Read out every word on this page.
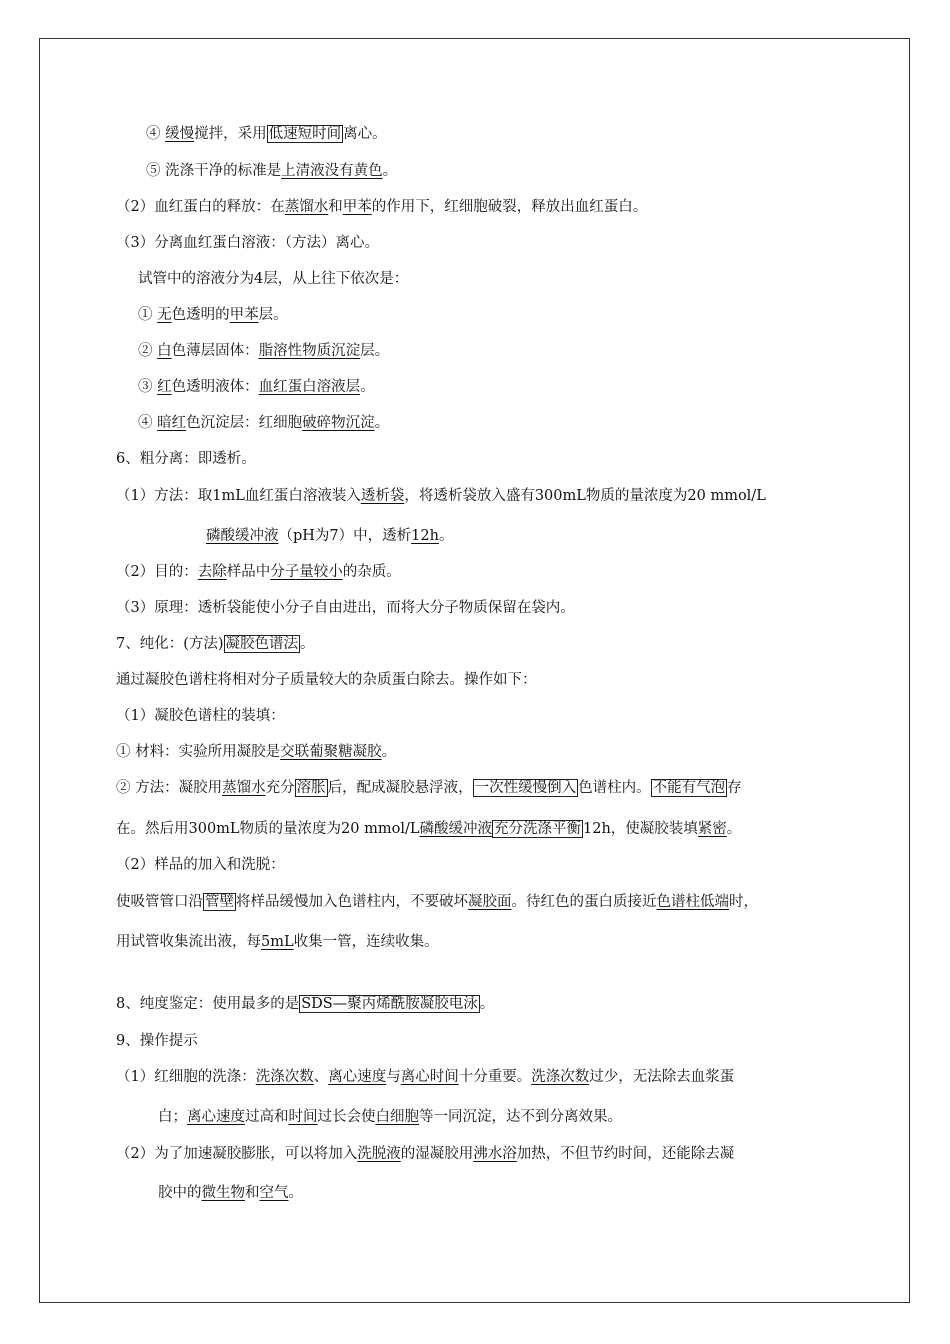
④ 缓慢搅拌，采用 低速短时间 离心。
⑤ 洗涤干净的标准是上清液没有黄色。
（2）血红蛋白的释放：在蒸馏水和甲苯的作用下，红细胞破裂，释放出血红蛋白。
（3）分离血红蛋白溶液：（方法）离心。
试管中的溶液分为4层，从上往下依次是：
① 无色透明的甲苯层。
② 白色薄层固体：脂溶性物质沉淀层。
③ 红色透明液体：血红蛋白溶液层。
④ 暗红色沉淀层：红细胞破碎物沉淀。
6、粗分离：即透析。
（1）方法：取1mL血红蛋白溶液装入透析袋，将透析袋放入盛有300mL物质的量浓度为20 mmol/L
磷酸缓冲液（pH为7）中，透析12h。
（2）目的：去除样品中分子量较小的杂质。
（3）原理：透析袋能使小分子自由进出，而将大分子物质保留在袋内。
7、纯化：(方法) 凝胶色谱法 。
通过凝胶色谱柱将相对分子质量较大的杂质蛋白除去。操作如下：
（1）凝胶色谱柱的装填：
① 材料：实验所用凝胶是交联葡聚糖凝胶。
② 方法：凝胶用蒸馏水充分 溶胀 后，配成凝胶悬浮液， 一次性缓慢倒入 色谱柱内。 不能有气泡 存
在。然后用300mL物质的量浓度为20 mmol/L磷酸缓冲液 充分洗涤平衡 12h，使凝胶装填紧密。
（2）样品的加入和洗脱：
使吸管管口沿 管壁 将样品缓慢加入色谱柱内，不要破坏凝胶面。待红色的蛋白质接近色谱柱低端时，
用试管收集流出液，每5mL收集一管，连续收集。
8、纯度鉴定：使用最多的是 SDS—聚丙烯酰胺凝胶电泳 。
9、操作提示
（1）红细胞的洗涤：洗涤次数、离心速度与离心时间十分重要。洗涤次数过少，无法除去血浆蛋
白；离心速度过高和时间过长会使白细胞等一同沉淀，达不到分离效果。
（2）为了加速凝胶膨胀，可以将加入洗脱液的湿凝胶用沸水浴加热，不但节约时间，还能除去凝
胶中的微生物和空气。
